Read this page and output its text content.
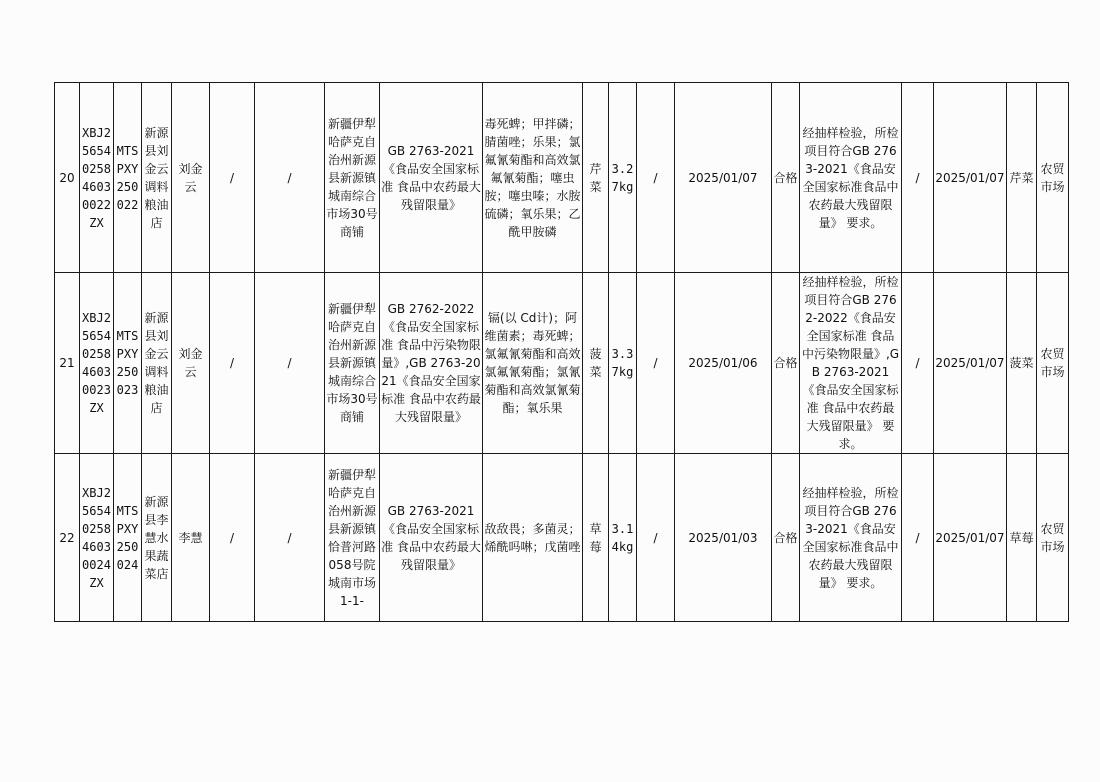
20	XBJ25654025846030022ZX	MTSPXY250022	新源县刘金云调料粮油店	刘金云	/	/	新疆伊犁哈萨克自治州新源县新源镇城南综合市场30号商铺	GB 2763-2021《食品安全国家标准 食品中农药最大残留限量》	毒死蜱；甲拌磷；腈菌唑；乐果；氯氟氰菊酯和高效氯氟氰菊酯；噻虫胺；噻虫嗪；水胺硫磷；氧乐果；乙酰甲胺磷	芹菜	3.27kg	/	2025/01/07	合格	经抽样检验，所检项目符合GB 2763-2021《食品安全国家标准食品中农药最大残留限量》 要求。	/	2025/01/07	芹菜	农贸市场
21	XBJ25654025846030023ZX	MTSPXY250023	新源县刘金云调料粮油店	刘金云	/	/	新疆伊犁哈萨克自治州新源县新源镇城南综合市场30号商铺	GB 2762-2022《食品安全国家标准 食品中污染物限量》,GB 2763-2021《食品安全国家标准 食品中农药最大残留限量》	镉(以 Cd计)；阿维菌素；毒死蜱；氯氟氰菊酯和高效氯氟氰菊酯；氯氰菊酯和高效氯氰菊酯；氧乐果	菠菜	3.37kg	/	2025/01/06	合格	经抽样检验，所检项目符合GB 2762-2022《食品安全国家标准 食品中污染物限量》,GB 2763-2021《食品安全国家标准 食品中农药最大残留限量》 要求。	/	2025/01/07	菠菜	农贸市场
22	XBJ25654025846030024ZX	MTSPXY250024	新源县李慧水果蔬菜店	李慧	/	/	新疆伊犁哈萨克自治州新源县新源镇恰普河路058号院城南市场1-1-	GB 2763-2021《食品安全国家标准 食品中农药最大残留限量》	敌敌畏；多菌灵；烯酰吗啉；戊菌唑	草莓	3.14kg	/	2025/01/03	合格	经抽样检验，所检项目符合GB 2763-2021《食品安全国家标准食品中农药最大残留限量》 要求。	/	2025/01/07	草莓	农贸市场
